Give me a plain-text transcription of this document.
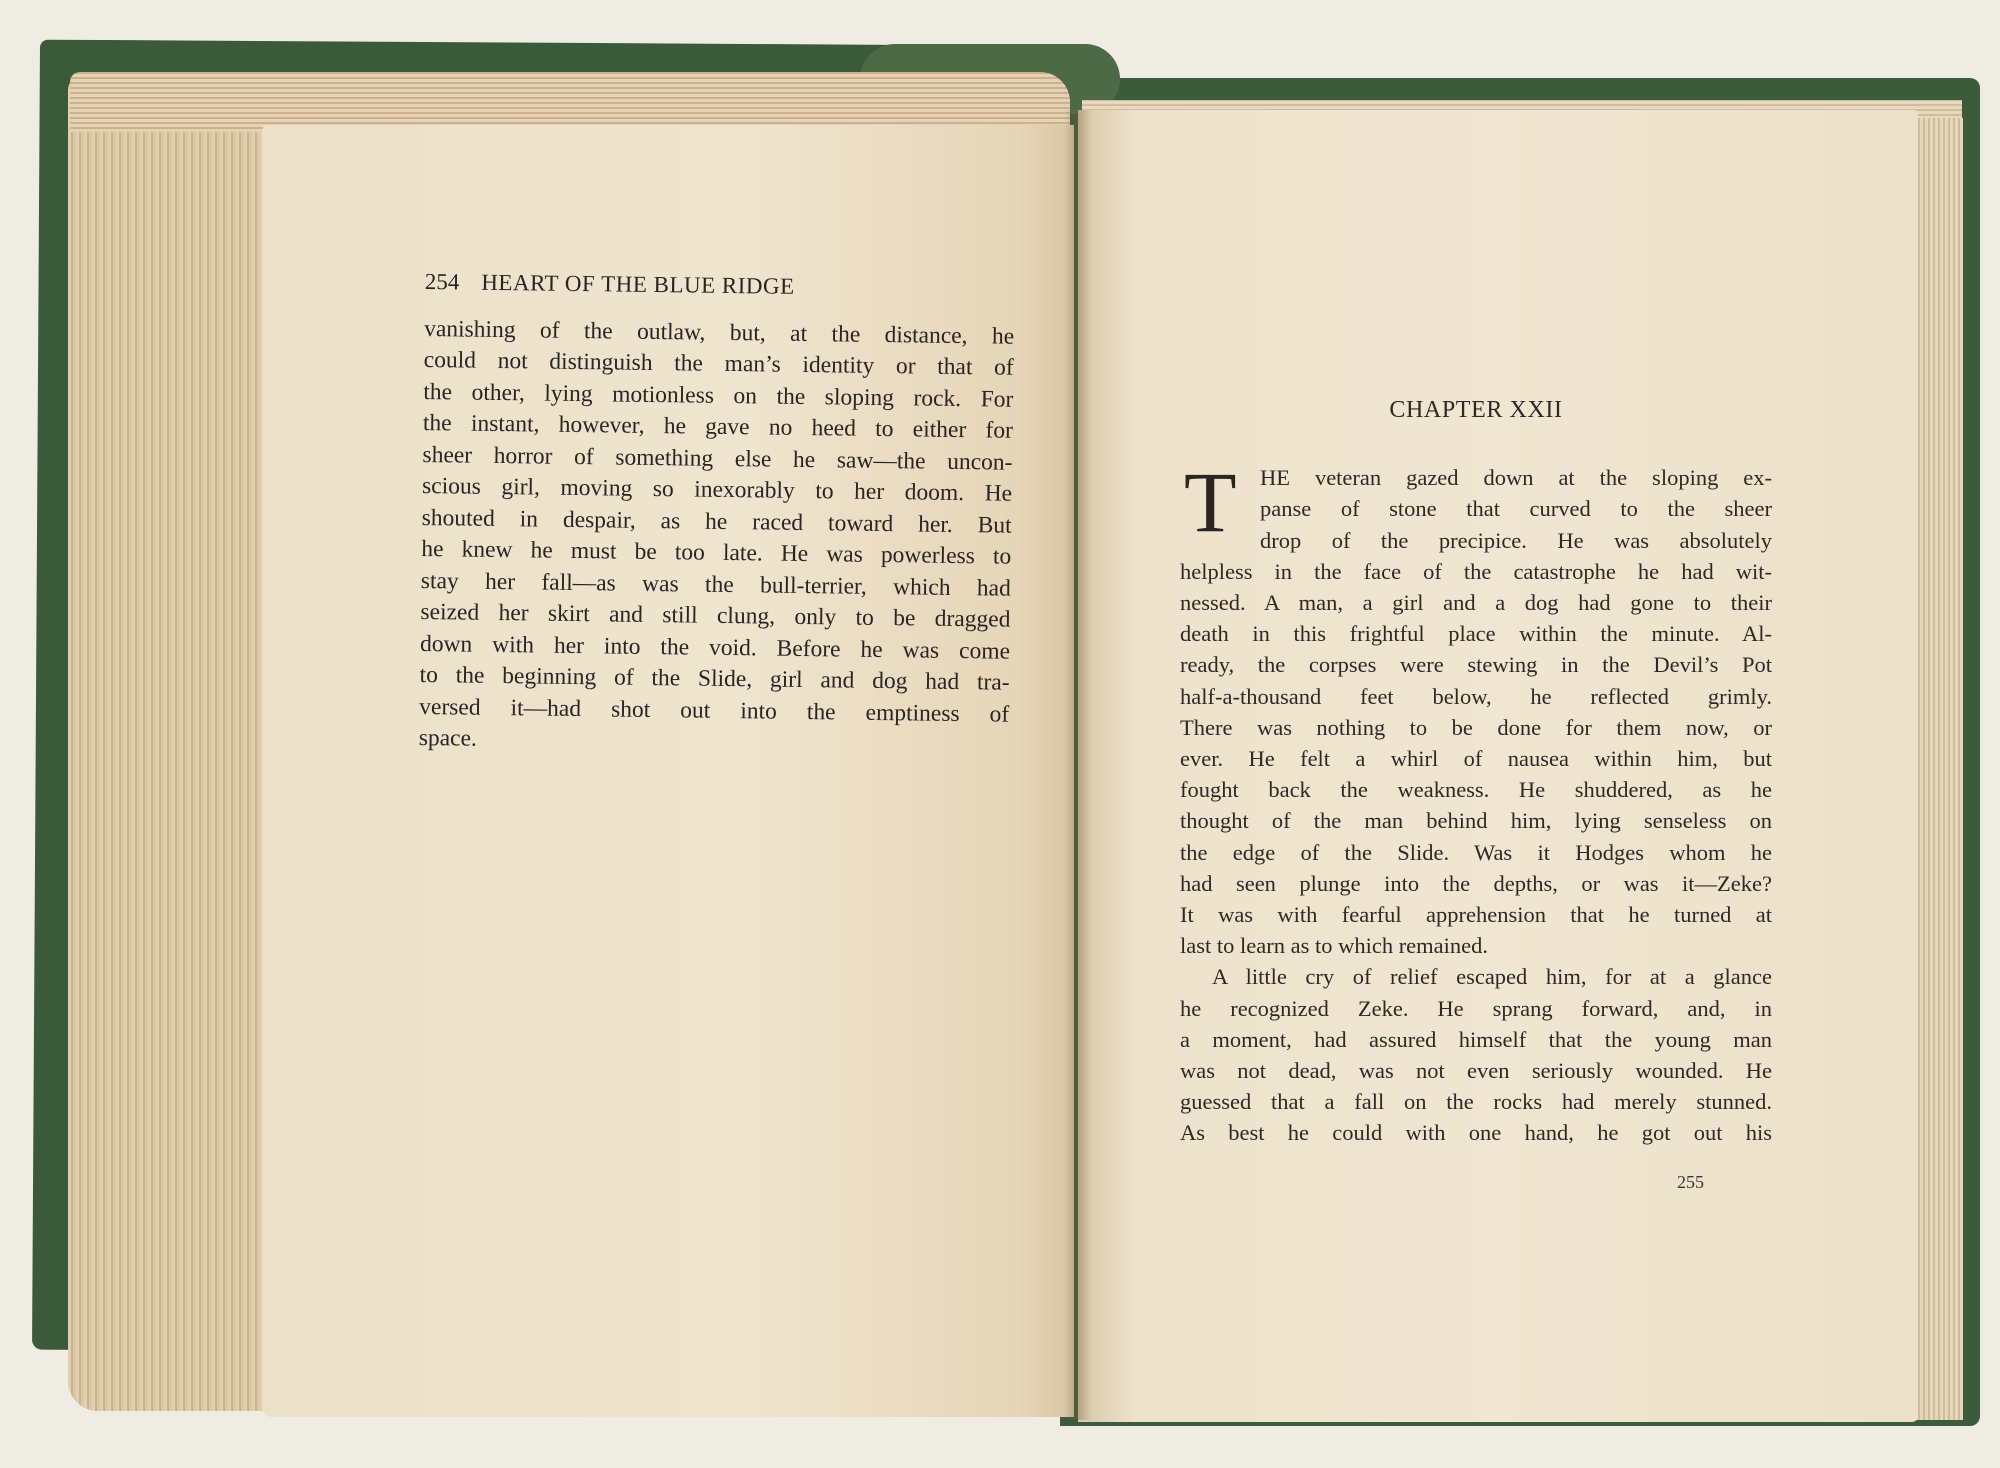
254 HEART OF THE BLUE RIDGE
vanishing of the outlaw, but, at the distance, he
could not distinguish the man’s identity or that of
the other, lying motionless on the sloping rock. For
the instant, however, he gave no heed to either for
sheer horror of something else he saw—the uncon-
scious girl, moving so inexorably to her doom. He
shouted in despair, as he raced toward her. But
he knew he must be too late. He was powerless to
stay her fall—as was the bull-terrier, which had
seized her skirt and still clung, only to be dragged
down with her into the void. Before he was come
to the beginning of the Slide, girl and dog had tra-
versed it—had shot out into the emptiness of
space.
CHAPTER XXII
T	HE veteran gazed down at the sloping ex-
panse of stone that curved to the sheer
drop of the precipice. He was absolutely
helpless in the face of the catastrophe he had wit-
nessed. A man, a girl and a dog had gone to their
death in this frightful place within the minute. Al-
ready, the corpses were stewing in the Devil’s Pot
half-a-thousand feet below, he reflected grimly.
There was nothing to be done for them now, or
ever. He felt a whirl of nausea within him, but
fought back the weakness. He shuddered, as he
thought of the man behind him, lying senseless on
the edge of the Slide. Was it Hodges whom he
had seen plunge into the depths, or was it—Zeke?
It was with fearful apprehension that he turned at
last to learn as to which remained.
A little cry of relief escaped him, for at a glance
he recognized Zeke. He sprang forward, and, in
a moment, had assured himself that the young man
was not dead, was not even seriously wounded. He
guessed that a fall on the rocks had merely stunned.
As best he could with one hand, he got out his
255
